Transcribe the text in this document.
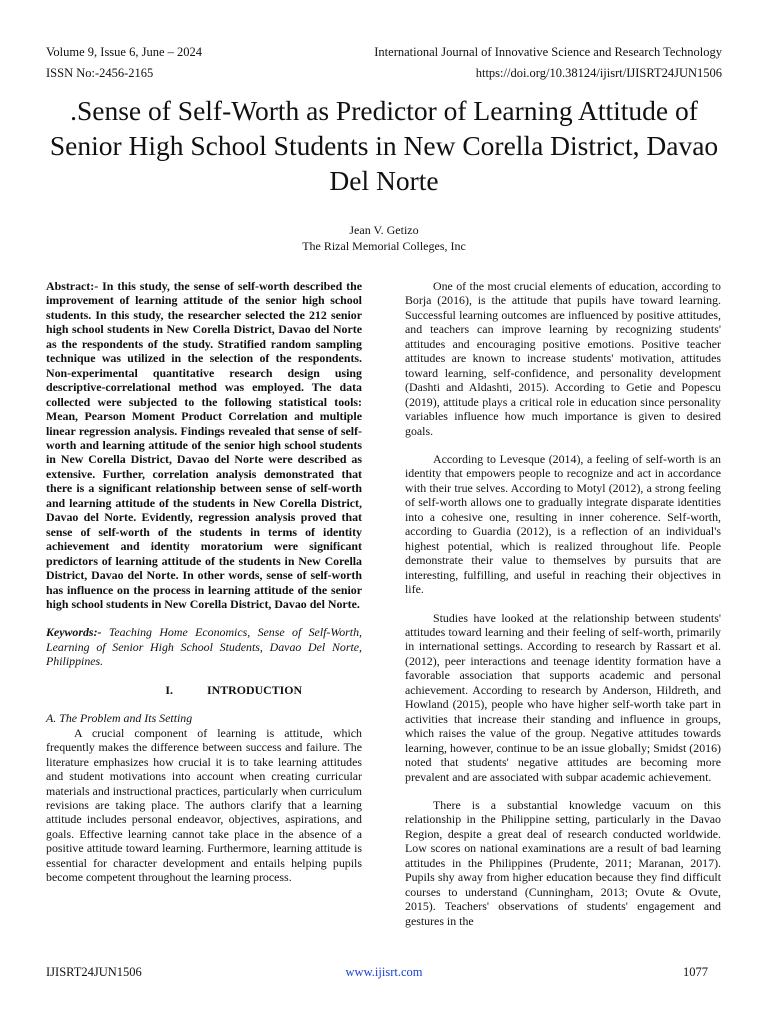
Volume 9, Issue 6, June – 2024	International Journal of Innovative Science and Research Technology
ISSN No:-2456-2165	https://doi.org/10.38124/ijisrt/IJISRT24JUN1506
.Sense of Self-Worth as Predictor of Learning Attitude of Senior High School Students in New Corella District, Davao Del Norte
Jean V. Getizo
The Rizal Memorial Colleges, Inc

Abstract:- In this study, the sense of self-worth described the improvement of learning attitude of the senior high school students. In this study, the researcher selected the 212 senior high school students in New Corella District, Davao del Norte as the respondents of the study. Stratified random sampling technique was utilized in the selection of the respondents. Non-experimental quantitative research design using descriptive-correlational method was employed. The data collected were subjected to the following statistical tools: Mean, Pearson Moment Product Correlation and multiple linear regression analysis. Findings revealed that sense of self-worth and learning attitude of the senior high school students in New Corella District, Davao del Norte were described as extensive. Further, correlation analysis demonstrated that there is a significant relationship between sense of self-worth and learning attitude of the students in New Corella District, Davao del Norte. Evidently, regression analysis proved that sense of self-worth of the students in terms of identity achievement and identity moratorium were significant predictors of learning attitude of the students in New Corella District, Davao del Norte. In other words, sense of self-worth has influence on the process in learning attitude of the senior high school students in New Corella District, Davao del Norte.

Keywords:- Teaching Home Economics, Sense of Self-Worth, Learning of Senior High School Students, Davao Del Norte, Philippines.

I.	INTRODUCTION
A. The Problem and Its Setting

A crucial component of learning is attitude, which frequently makes the difference between success and failure. The literature emphasizes how crucial it is to take learning attitudes and student motivations into account when creating curricular materials and instructional practices, particularly when curriculum revisions are taking place. The authors clarify that a learning attitude includes personal endeavor, objectives, aspirations, and goals. Effective learning cannot take place in the absence of a positive attitude toward learning. Furthermore, learning attitude is essential for character development and entails helping pupils become competent throughout the learning process.

One of the most crucial elements of education, according to Borja (2016), is the attitude that pupils have toward learning. Successful learning outcomes are influenced by positive attitudes, and teachers can improve learning by recognizing students' attitudes and encouraging positive emotions. Positive teacher attitudes are known to increase students' motivation, attitudes toward learning, self-confidence, and personality development (Dashti and Aldashti, 2015). According to Getie and Popescu (2019), attitude plays a critical role in education since personality variables influence how much importance is given to desired goals.

According to Levesque (2014), a feeling of self-worth is an identity that empowers people to recognize and act in accordance with their true selves. According to Motyl (2012), a strong feeling of self-worth allows one to gradually integrate disparate identities into a cohesive one, resulting in inner coherence. Self-worth, according to Guardia (2012), is a reflection of an individual's highest potential, which is realized throughout life. People demonstrate their value to themselves by pursuits that are interesting, fulfilling, and useful in reaching their objectives in life.

Studies have looked at the relationship between students' attitudes toward learning and their feeling of self-worth, primarily in international settings. According to research by Rassart et al. (2012), peer interactions and teenage identity formation have a favorable association that supports academic and personal achievement. According to research by Anderson, Hildreth, and Howland (2015), people who have higher self-worth take part in activities that increase their standing and influence in groups, which raises the value of the group. Negative attitudes towards learning, however, continue to be an issue globally; Smidst (2016) noted that students' negative attitudes are becoming more prevalent and are associated with subpar academic achievement.

There is a substantial knowledge vacuum on this relationship in the Philippine setting, particularly in the Davao Region, despite a great deal of research conducted worldwide. Low scores on national examinations are a result of bad learning attitudes in the Philippines (Prudente, 2011; Maranan, 2017). Pupils shy away from higher education because they find difficult courses to understand (Cunningham, 2013; Ovute & Ovute, 2015). Teachers' observations of students' engagement and gestures in the

IJISRT24JUN1506	www.ijisrt.com	1077
